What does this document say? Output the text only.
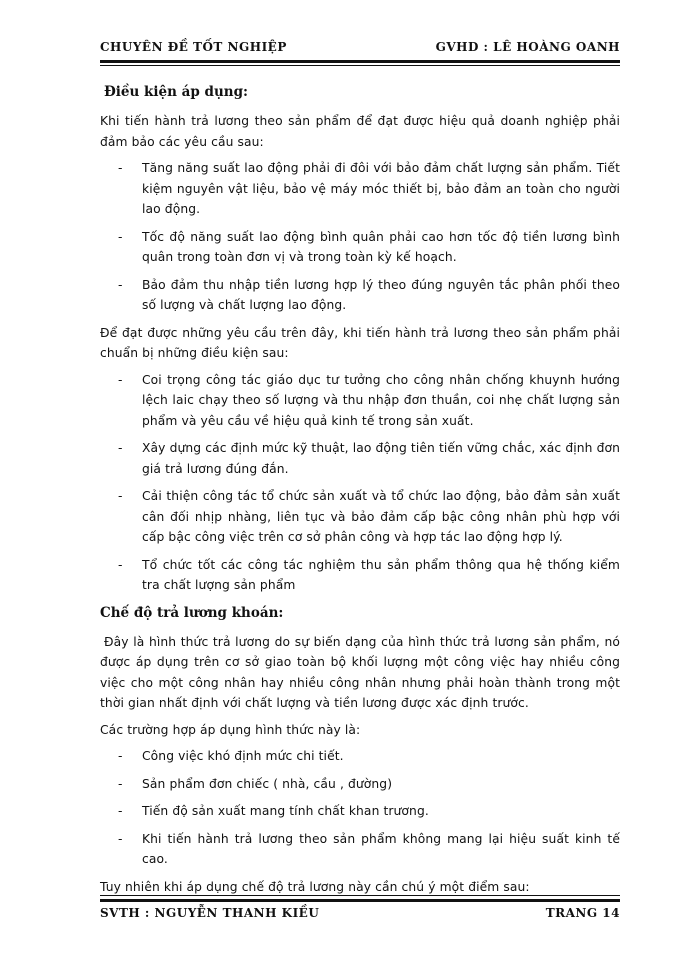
CHUYÊN ĐỀ TỐT NGHIỆP	GVHD : LÊ HOÀNG OANH
Điều kiện áp dụng:
Khi tiến hành trả lương theo sản phẩm để đạt được hiệu quả doanh nghiệp phải đảm bảo các yêu cầu sau:
- Tăng năng suất lao động phải đi đôi với bảo đảm chất lượng sản phẩm. Tiết kiệm nguyên vật liệu, bảo vệ máy móc thiết bị, bảo đảm an toàn cho người lao động.
- Tốc độ năng suất lao động bình quân phải cao hơn tốc độ tiền lương bình quân trong toàn đơn vị và trong toàn kỳ kế hoạch.
- Bảo đảm thu nhập tiền lương hợp lý theo đúng nguyên tắc phân phối theo số lượng và chất lượng lao động.
Để đạt được những yêu cầu trên đây, khi tiến hành trả lương theo sản phẩm phải chuẩn bị những điều kiện sau:
- Coi trọng công tác giáo dục tư tưởng cho công nhân chống khuynh hướng lệch laic chạy theo số lượng và thu nhập đơn thuần, coi nhẹ chất lượng sản phẩm và yêu cầu về hiệu quả kinh tế trong sản xuất.
- Xây dựng các định mức kỹ thuật, lao động tiên tiến vững chắc, xác định đơn giá trả lương đúng đắn.
- Cải thiện công tác tổ chức sản xuất và tổ chức lao động, bảo đảm sản xuất cân đối nhịp nhàng, liên tục và bảo đảm cấp bậc công nhân phù hợp với cấp bậc công việc trên cơ sở phân công và hợp tác lao động hợp lý.
- Tổ chức tốt các công tác nghiệm thu sản phẩm thông qua hệ thống kiểm tra chất lượng sản phẩm
Chế độ trả lương khoán:
Đây là hình thức trả lương do sự biến dạng của hình thức trả lương sản phẩm, nó được áp dụng trên cơ sở giao toàn bộ khối lượng một công việc hay nhiều công việc cho một công nhân hay nhiều công nhân nhưng phải hoàn thành trong một thời gian nhất định với chất lượng và tiền lương được xác định trước.
Các trường hợp áp dụng hình thức này là:
- Công việc khó định mức chi tiết.
- Sản phẩm đơn chiếc ( nhà, cầu , đường)
- Tiến độ sản xuất mang tính chất khan trương.
- Khi tiến hành trả lương theo sản phẩm không mang lại hiệu suất kinh tế cao.
Tuy nhiên khi áp dụng chế độ trả lương này cần chú ý một điểm sau:
SVTH : NGUYỄN THANH KIỀU	TRANG 14
